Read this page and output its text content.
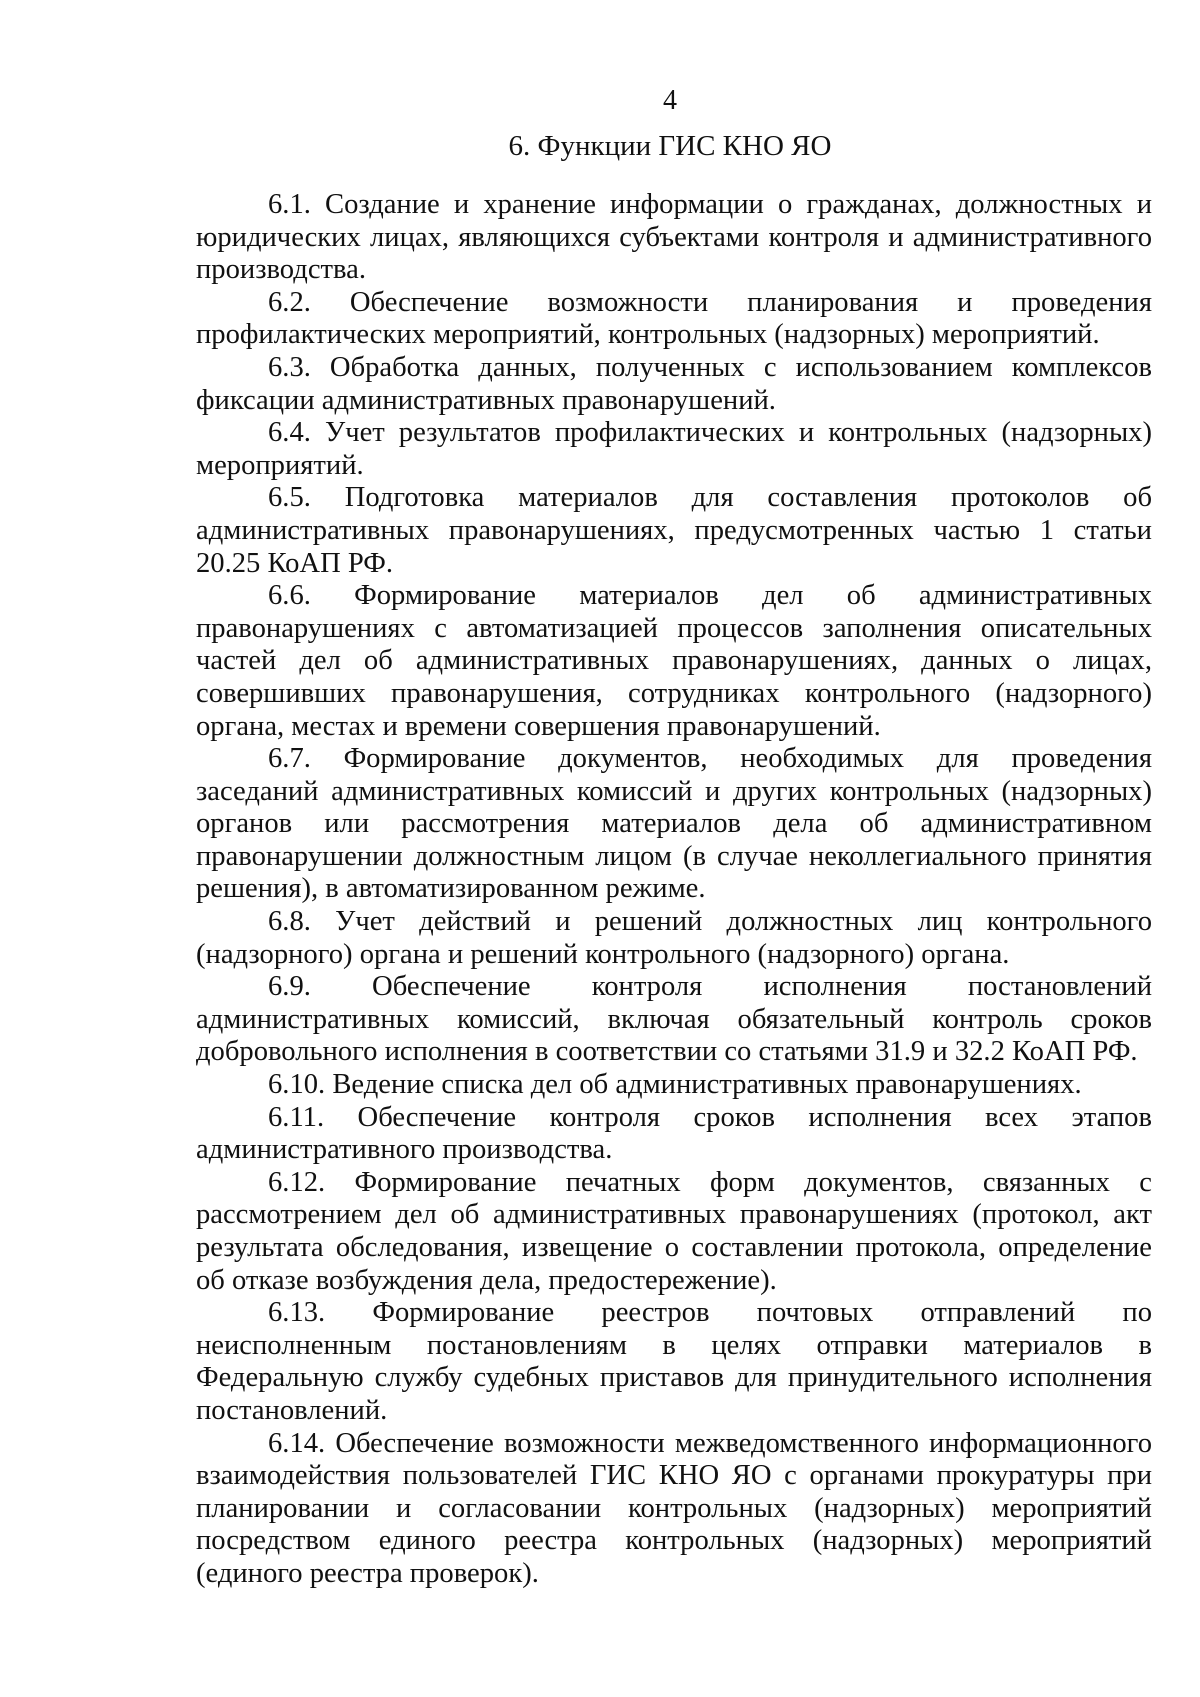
4
6. Функции ГИС КНО ЯО

6.1. Создание и хранение информации о гражданах, должностных и юридических лицах, являющихся субъектами контроля и административного производства.

6.2. Обеспечение возможности планирования и проведения профилактических мероприятий, контрольных (надзорных) мероприятий.

6.3. Обработка данных, полученных с использованием комплексов фиксации административных правонарушений.

6.4. Учет результатов профилактических и контрольных (надзорных) мероприятий.

6.5. Подготовка материалов для составления протоколов об административных правонарушениях, предусмотренных частью 1 статьи 20.25 КоАП РФ.

6.6. Формирование материалов дел об административных правонарушениях с автоматизацией процессов заполнения описательных частей дел об административных правонарушениях, данных о лицах, совершивших правонарушения, сотрудниках контрольного (надзорного) органа, местах и времени совершения правонарушений.

6.7. Формирование документов, необходимых для проведения заседаний административных комиссий и других контрольных (надзорных) органов или рассмотрения материалов дела об административном правонарушении должностным лицом (в случае неколлегиального принятия решения), в автоматизированном режиме.

6.8. Учет действий и решений должностных лиц контрольного (надзорного) органа и решений контрольного (надзорного) органа.

6.9. Обеспечение контроля исполнения постановлений административных комиссий, включая обязательный контроль сроков добровольного исполнения в соответствии со статьями 31.9 и 32.2 КоАП РФ.

6.10. Ведение списка дел об административных правонарушениях.

6.11. Обеспечение контроля сроков исполнения всех этапов административного производства.

6.12. Формирование печатных форм документов, связанных с рассмотрением дел об административных правонарушениях (протокол, акт результата обследования, извещение о составлении протокола, определение об отказе возбуждения дела, предостережение).

6.13. Формирование реестров почтовых отправлений по неисполненным постановлениям в целях отправки материалов в Федеральную службу судебных приставов для принудительного исполнения постановлений.

6.14. Обеспечение возможности межведомственного информационного взаимодействия пользователей ГИС КНО ЯО с органами прокуратуры при планировании и согласовании контрольных (надзорных) мероприятий посредством единого реестра контрольных (надзорных) мероприятий (единого реестра проверок).
